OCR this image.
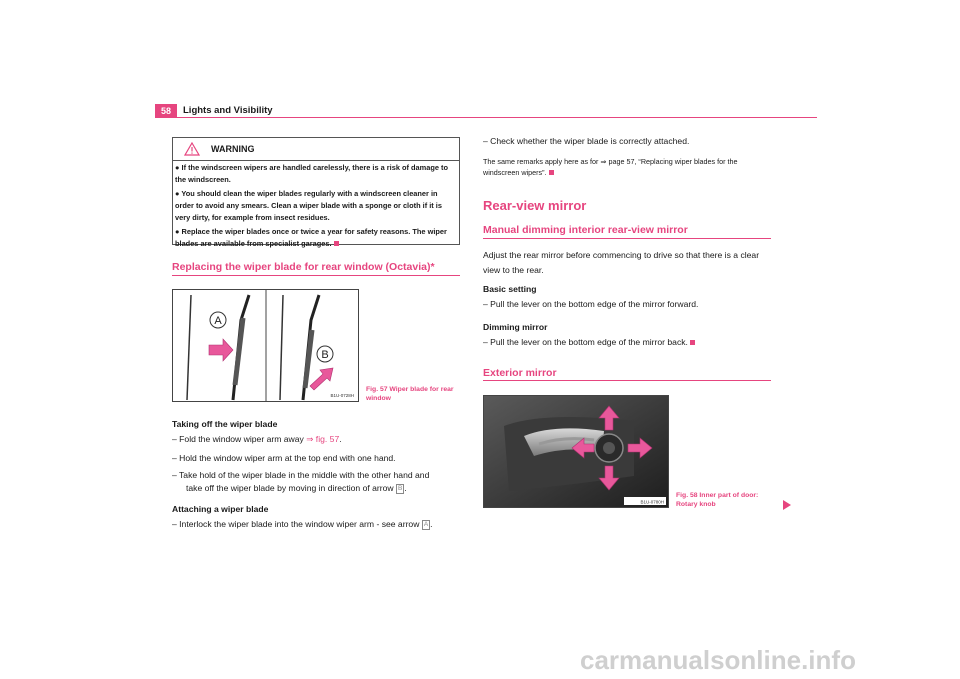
58	Lights and Visibility
WARNING

● If the windscreen wipers are handled carelessly, there is a risk of damage to the windscreen.

● You should clean the wiper blades regularly with a windscreen cleaner in order to avoid any smears. Clean a wiper blade with a sponge or cloth if it is very dirty, for example from insect residues.

● Replace the wiper blades once or twice a year for safety reasons. The wiper blades are available from specialist garages.

Replacing the wiper blade for rear window (Octavia)*
A
B
B1U-0728H
Fig. 57 Wiper blade for rear window
Taking off the wiper blade
– Fold the window wiper arm away ⇒ fig. 57.
– Hold the window wiper arm at the top end with one hand.
– Take hold of the wiper blade in the middle with the other hand and
take off the wiper blade by moving in direction of arrow B .
Attaching a wiper blade
– Interlock the wiper blade into the window wiper arm - see arrow A .
– Check whether the wiper blade is correctly attached.
The same remarks apply here as for ⇒ page 57, “Replacing wiper blades for the
windscreen wipers”.
Rear-view mirror
Manual dimming interior rear-view mirror
Adjust the rear mirror before commencing to drive so that there is a clear
view to the rear.
Basic setting
– Pull the lever on the bottom edge of the mirror forward.
Dimming mirror
– Pull the lever on the bottom edge of the mirror back.
Exterior mirror
B1U-0780H
Fig. 58 Inner part of door:
Rotary knob
carmanualsonline.info
